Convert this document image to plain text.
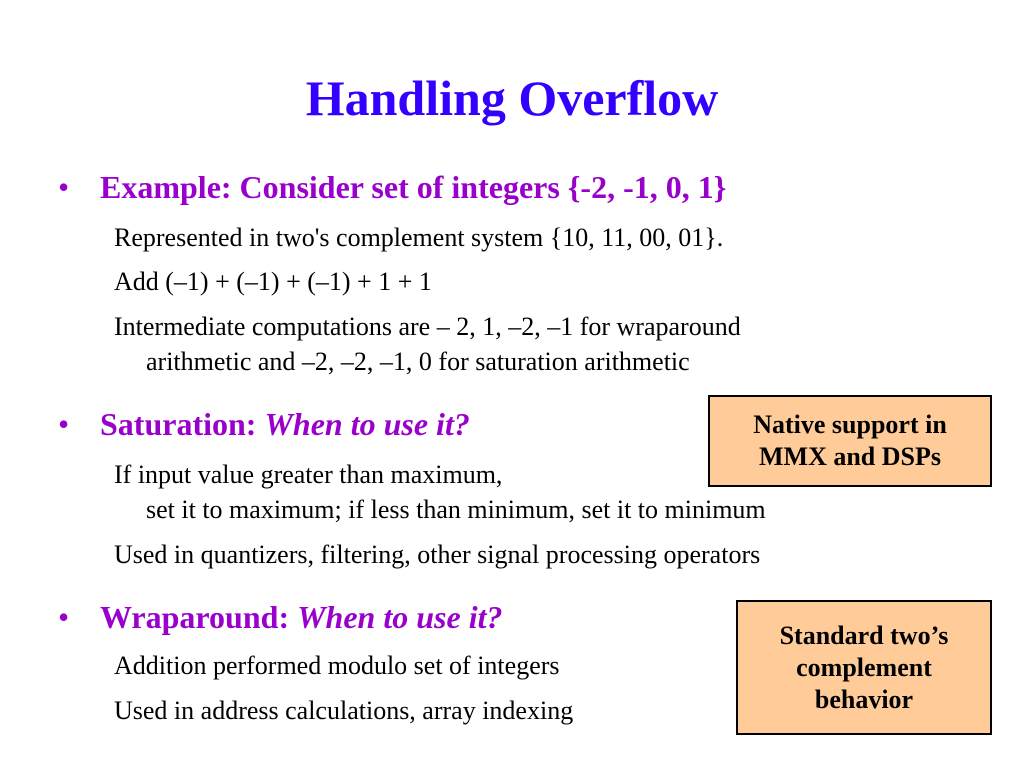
Handling Overflow
• Example: Consider set of integers {-2, -1, 0, 1}
Represented in two's complement system {10, 11, 00, 01}.
Add (–1) + (–1) + (–1) + 1 + 1
Intermediate computations are – 2, 1, –2, –1 for wraparound
arithmetic and –2, –2, –1, 0 for saturation arithmetic
• Saturation: When to use it?
If input value greater than maximum,
set it to maximum; if less than minimum, set it to minimum
Used in quantizers, filtering, other signal processing operators
• Wraparound: When to use it?
Addition performed modulo set of integers
Used in address calculations, array indexing
Native support in
MMX and DSPs
Standard two’s
complement
behavior
